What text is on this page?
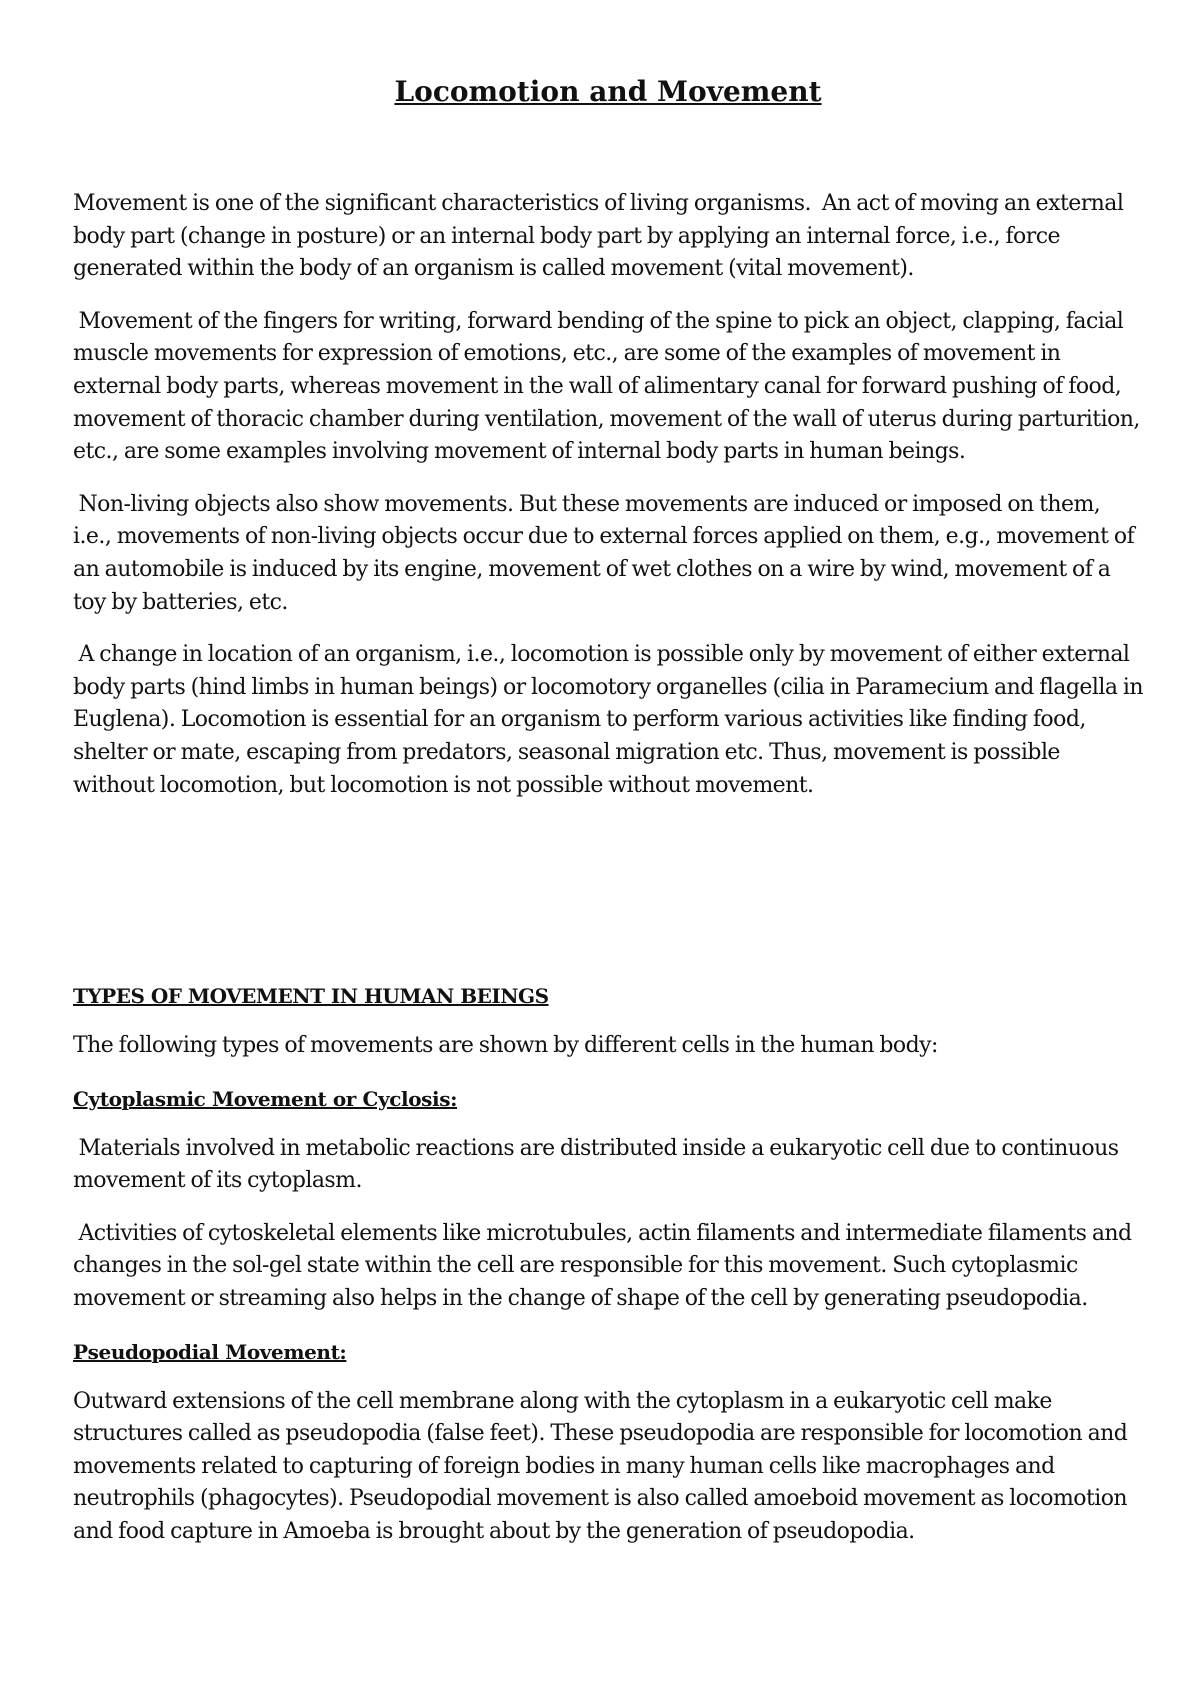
Locomotion and Movement

Movement is one of the significant characteristics of living organisms.  An act of moving an external body part (change in posture) or an internal body part by applying an internal force, i.e., force generated within the body of an organism is called movement (vital movement).

Movement of the fingers for writing, forward bending of the spine to pick an object, clapping, facial muscle movements for expression of emotions, etc., are some of the examples of movement in external body parts, whereas movement in the wall of alimentary canal for forward pushing of food, movement of thoracic chamber during ventilation, movement of the wall of uterus during parturition, etc., are some examples involving movement of internal body parts in human beings.

Non-living objects also show movements. But these movements are induced or imposed on them, i.e., movements of non-living objects occur due to external forces applied on them, e.g., movement of an automobile is induced by its engine, movement of wet clothes on a wire by wind, movement of a toy by batteries, etc.

A change in location of an organism, i.e., locomotion is possible only by movement of either external body parts (hind limbs in human beings) or locomotory organelles (cilia in Paramecium and flagella in Euglena). Locomotion is essential for an organism to perform various activities like finding food, shelter or mate, escaping from predators, seasonal migration etc. Thus, movement is possible without locomotion, but locomotion is not possible without movement.

TYPES OF MOVEMENT IN HUMAN BEINGS

The following types of movements are shown by different cells in the human body:

Cytoplasmic Movement or Cyclosis:

Materials involved in metabolic reactions are distributed inside a eukaryotic cell due to continuous movement of its cytoplasm.

Activities of cytoskeletal elements like microtubules, actin filaments and intermediate filaments and changes in the sol-gel state within the cell are responsible for this movement. Such cytoplasmic movement or streaming also helps in the change of shape of the cell by generating pseudopodia.

Pseudopodial Movement:

Outward extensions of the cell membrane along with the cytoplasm in a eukaryotic cell make structures called as pseudopodia (false feet). These pseudopodia are responsible for locomotion and movements related to capturing of foreign bodies in many human cells like macrophages and neutrophils (phagocytes). Pseudopodial movement is also called amoeboid movement as locomotion and food capture in Amoeba is brought about by the generation of pseudopodia.
